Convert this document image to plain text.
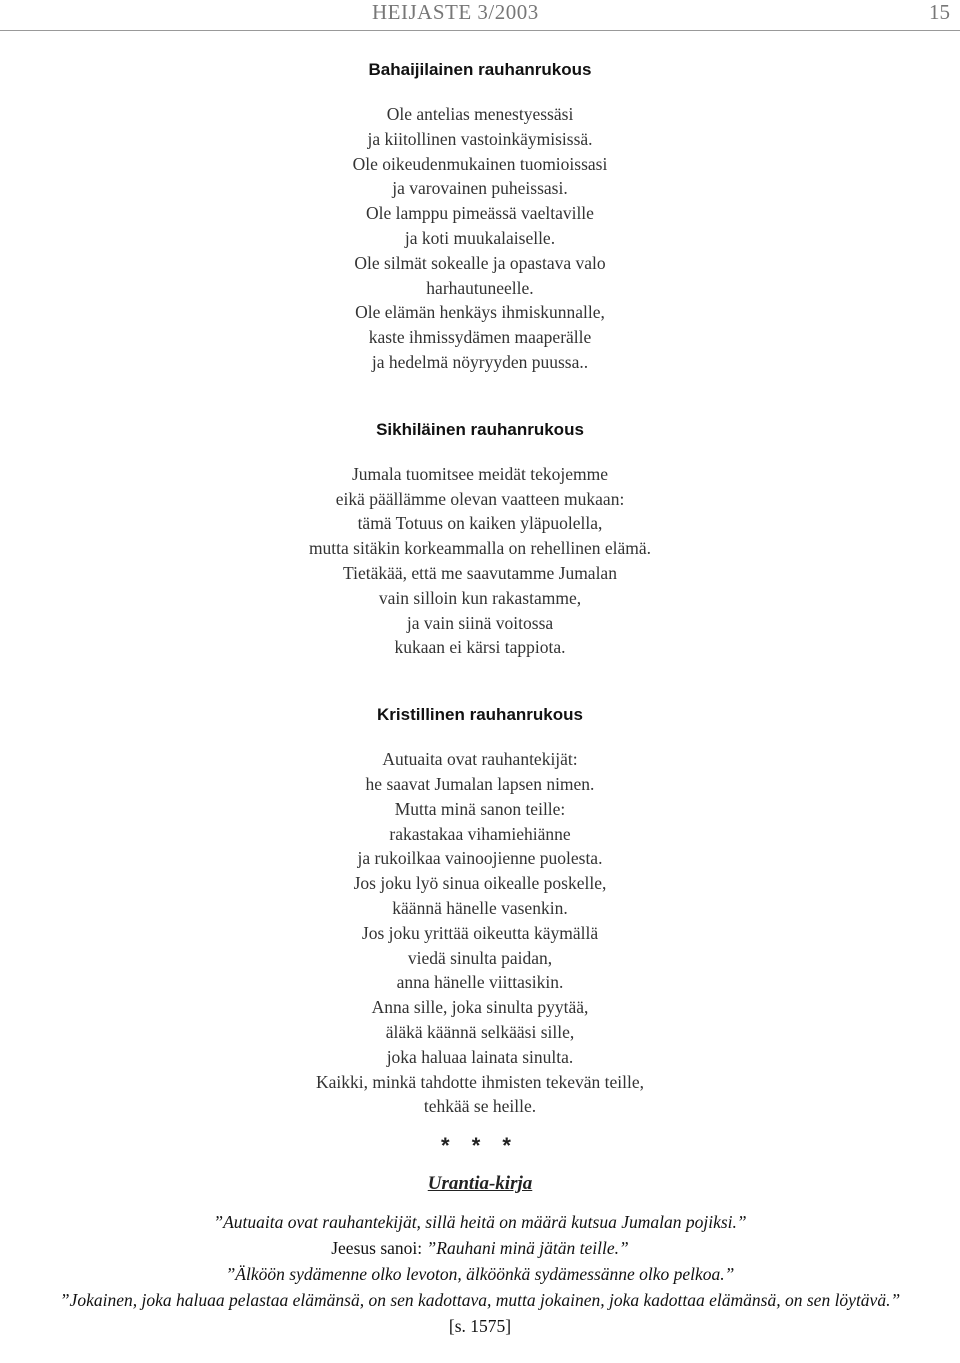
HEIJASTE 3/2003	15
Bahaijilainen rauhanrukous
Ole antelias menestyessäsi
ja kiitollinen vastoinkäymisissä.
Ole oikeudenmukainen tuomioissasi
ja varovainen puheissasi.
Ole lamppu pimeässä vaeltaville
ja koti muukalaiselle.
Ole silmät sokealle ja opastava valo
harhautuneelle.
Ole elämän henkäys ihmiskunnalle,
kaste ihmissydämen maaperälle
ja hedelmä nöyryyden puussa..
Sikhiläinen rauhanrukous
Jumala tuomitsee meidät tekojemme
eikä päällämme olevan vaatteen mukaan:
tämä Totuus on kaiken yläpuolella,
mutta sitäkin korkeammalla on rehellinen elämä.
Tietäkää, että me saavutamme Jumalan
vain silloin kun rakastamme,
ja vain siinä voitossa
kukaan ei kärsi tappiota.
Kristillinen rauhanrukous
Autuaita ovat rauhantekijät:
he saavat Jumalan lapsen nimen.
Mutta minä sanon teille:
rakastakaa vihamiehiänne
ja rukoilkaa vainoojienne puolesta.
Jos joku lyö sinua oikealle poskelle,
käännä hänelle vasenkin.
Jos joku yrittää oikeutta käymällä
viedä sinulta paidan,
anna hänelle viittasikin.
Anna sille, joka sinulta pyytää,
äläkä käännä selkääsi sille,
joka haluaa lainata sinulta.
Kaikki, minkä tahdotte ihmisten tekevän teille,
tehkää se heille.
* * *
Urantia-kirja
”Autuaita ovat rauhantekijät, sillä heitä on määrä kutsua Jumalan pojiksi.”
Jeesus sanoi: ”Rauhani minä jätän teille.”
”Älköön sydämenne olko levoton, älköönkä sydämessänne olko pelkoa.”
”Jokainen, joka haluaa pelastaa elämänsä, on sen kadottava, mutta jokainen, joka kadottaa elämänsä, on sen löytävä.”
[s. 1575]
